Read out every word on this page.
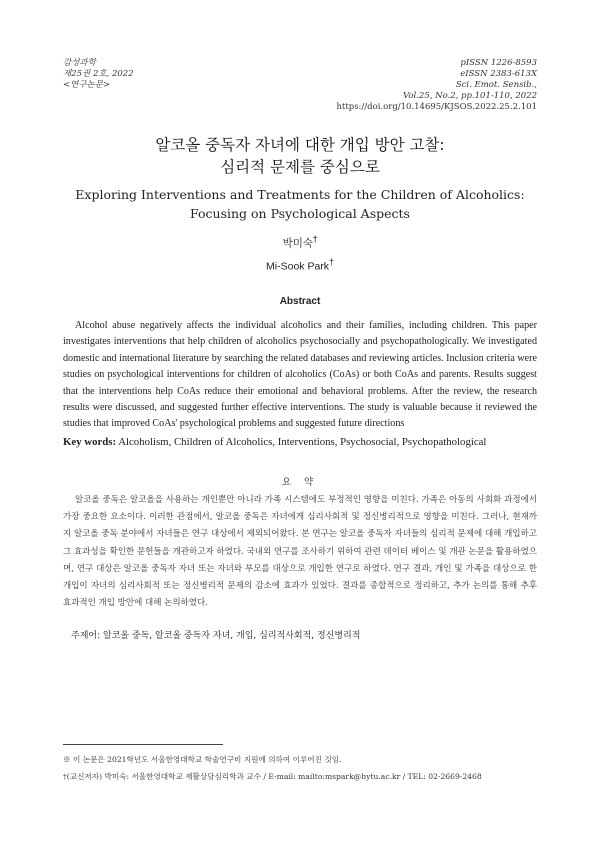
감성과학
제25권 2호, 2022
<연구논문>
pISSN 1226-8593
eISSN 2383-613X
Sci. Emot. Sensib.,
Vol.25, No.2, pp.101-110, 2022
https://doi.org/10.14695/KJSOS.2022.25.2.101
알코올 중독자 자녀에 대한 개입 방안 고찰:
심리적 문제를 중심으로
Exploring Interventions and Treatments for the Children of Alcoholics:
Focusing on Psychological Aspects
박미숙†
Mi-Sook Park†
Abstract
Alcohol abuse negatively affects the individual alcoholics and their families, including children. This paper investigates interventions that help children of alcoholics psychosocially and psychopathologically. We investigated domestic and international literature by searching the related databases and reviewing articles. Inclusion criteria were studies on psychological interventions for children of alcoholics (CoAs) or both CoAs and parents. Results suggest that the interventions help CoAs reduce their emotional and behavioral problems. After the review, the research results were discussed, and suggested further effective interventions. The study is valuable because it reviewed the studies that improved CoAs' psychological problems and suggested future directions
Key words: Alcoholism, Children of Alcoholics, Interventions, Psychosocial, Psychopathological
요 약
알코올 중독은 알코올을 사용하는 개인뿐만 아니라 가족 시스템에도 부정적인 영향을 미친다. 가족은 아동의 사회화 과정에서 가장 중요한 요소이다. 이러한 관점에서, 알코올 중독은 자녀에게 심리사회적 및 정신병리적으로 영향을 미친다. 그러나, 현재까지 알코올 중독 분야에서 자녀들은 연구 대상에서 제외되어왔다. 본 연구는 알코올 중독자 자녀들의 심리적 문제에 대해 개입하고 그 효과성을 확인한 문헌들을 개관하고자 하였다. 국내외 연구를 조사하기 위하여 관련 데이터 베이스 및 개관 논문을 활용하였으며, 연구 대상은 알코올 중독자 자녀 또는 자녀와 부모를 대상으로 개입한 연구로 하였다. 연구 결과, 개인 및 가족을 대상으로 한 개입이 자녀의 심리사회적 또는 정신병리적 문제의 감소에 효과가 있었다. 결과를 종합적으로 정리하고, 추가 논의를 통해 추후 효과적인 개입 방안에 대해 논의하였다.
주제어: 알코올 중독, 알코올 중독자 자녀, 개입, 심리적사회적, 정신병리적
※ 이 논문은 2021학년도 서울한영대학교 학술연구비 지원에 의하여 이루어진 것임.
†(교신저자) 박미숙: 서울한영대학교 재활상담심리학과 교수 / E-mail: mailto:mspark@hytu.ac.kr / TEL: 02-2669-2468
